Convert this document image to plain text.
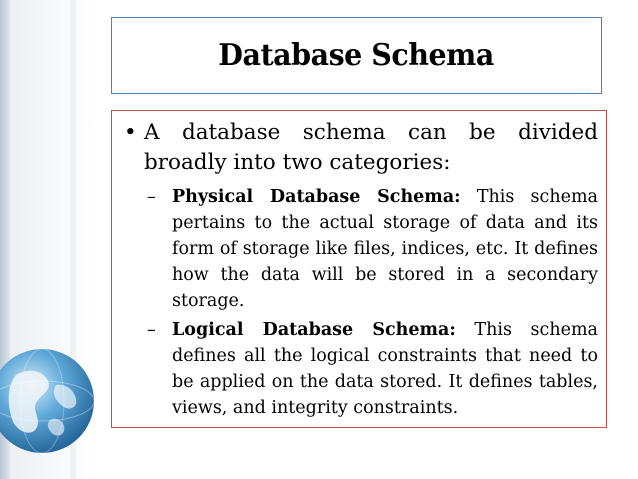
Database Schema

• A database schema can be divided broadly into two categories:

– Physical Database Schema: This schema pertains to the actual storage of data and its form of storage like files, indices, etc. It defines how the data will be stored in a secondary storage.

– Logical Database Schema: This schema defines all the logical constraints that need to be applied on the data stored. It defines tables, views, and integrity constraints.
